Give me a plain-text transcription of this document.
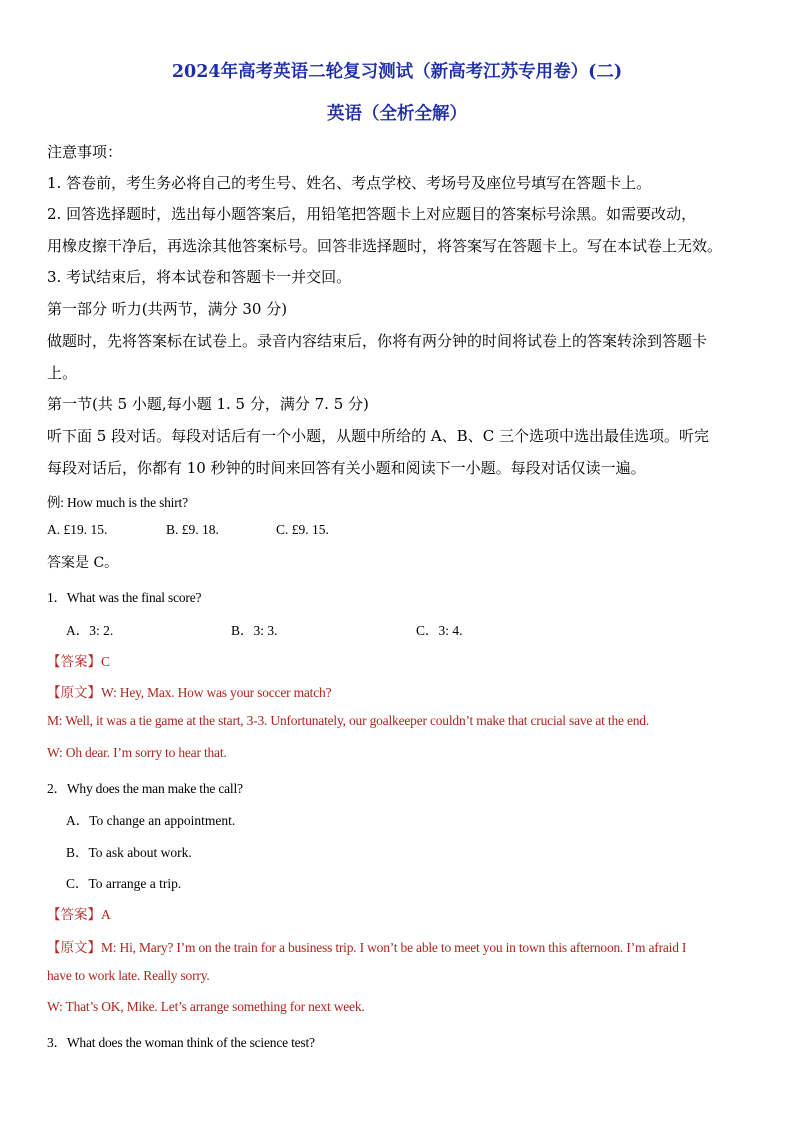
2024年高考英语二轮复习测试（新高考江苏专用卷）(二)
英语（全析全解）
注意事项：
1. 答卷前，考生务必将自己的考生号、姓名、考点学校、考场号及座位号填写在答题卡上。
2. 回答选择题时，选出每小题答案后，用铅笔把答题卡上对应题目的答案标号涂黑。如需要改动，
用橡皮擦干净后，再选涂其他答案标号。回答非选择题时，将答案写在答题卡上。写在本试卷上无效。
3. 考试结束后，将本试卷和答题卡一并交回。
第一部分 听力(共两节，满分 30 分)
做题时，先将答案标在试卷上。录音内容结束后，你将有两分钟的时间将试卷上的答案转涂到答题卡
上。
第一节(共 5 小题,每小题 1. 5 分，满分 7. 5 分)
听下面 5 段对话。每段对话后有一个小题，从题中所给的 A、B、C 三个选项中选出最佳选项。听完
每段对话后，你都有 10 秒钟的时间来回答有关小题和阅读下一小题。每段对话仅读一遍。
例: How much is the shirt?
A. £19. 15.	B. £9. 18.	C. £9. 15.
答案是 C。
1．What was the final score?
A．3: 2.	B．3: 3.	C．3: 4.
【答案】C
【原文】W: Hey, Max. How was your soccer match?
M: Well, it was a tie game at the start, 3-3. Unfortunately, our goalkeeper couldn’t make that crucial save at the end.
W: Oh dear. I’m sorry to hear that.
2．Why does the man make the call?
A．To change an appointment.
B．To ask about work.
C．To arrange a trip.
【答案】A
【原文】M: Hi, Mary? I’m on the train for a business trip. I won’t be able to meet you in town this afternoon. I’m afraid I
have to work late. Really sorry.
W: That’s OK, Mike. Let’s arrange something for next week.
3．What does the woman think of the science test?
